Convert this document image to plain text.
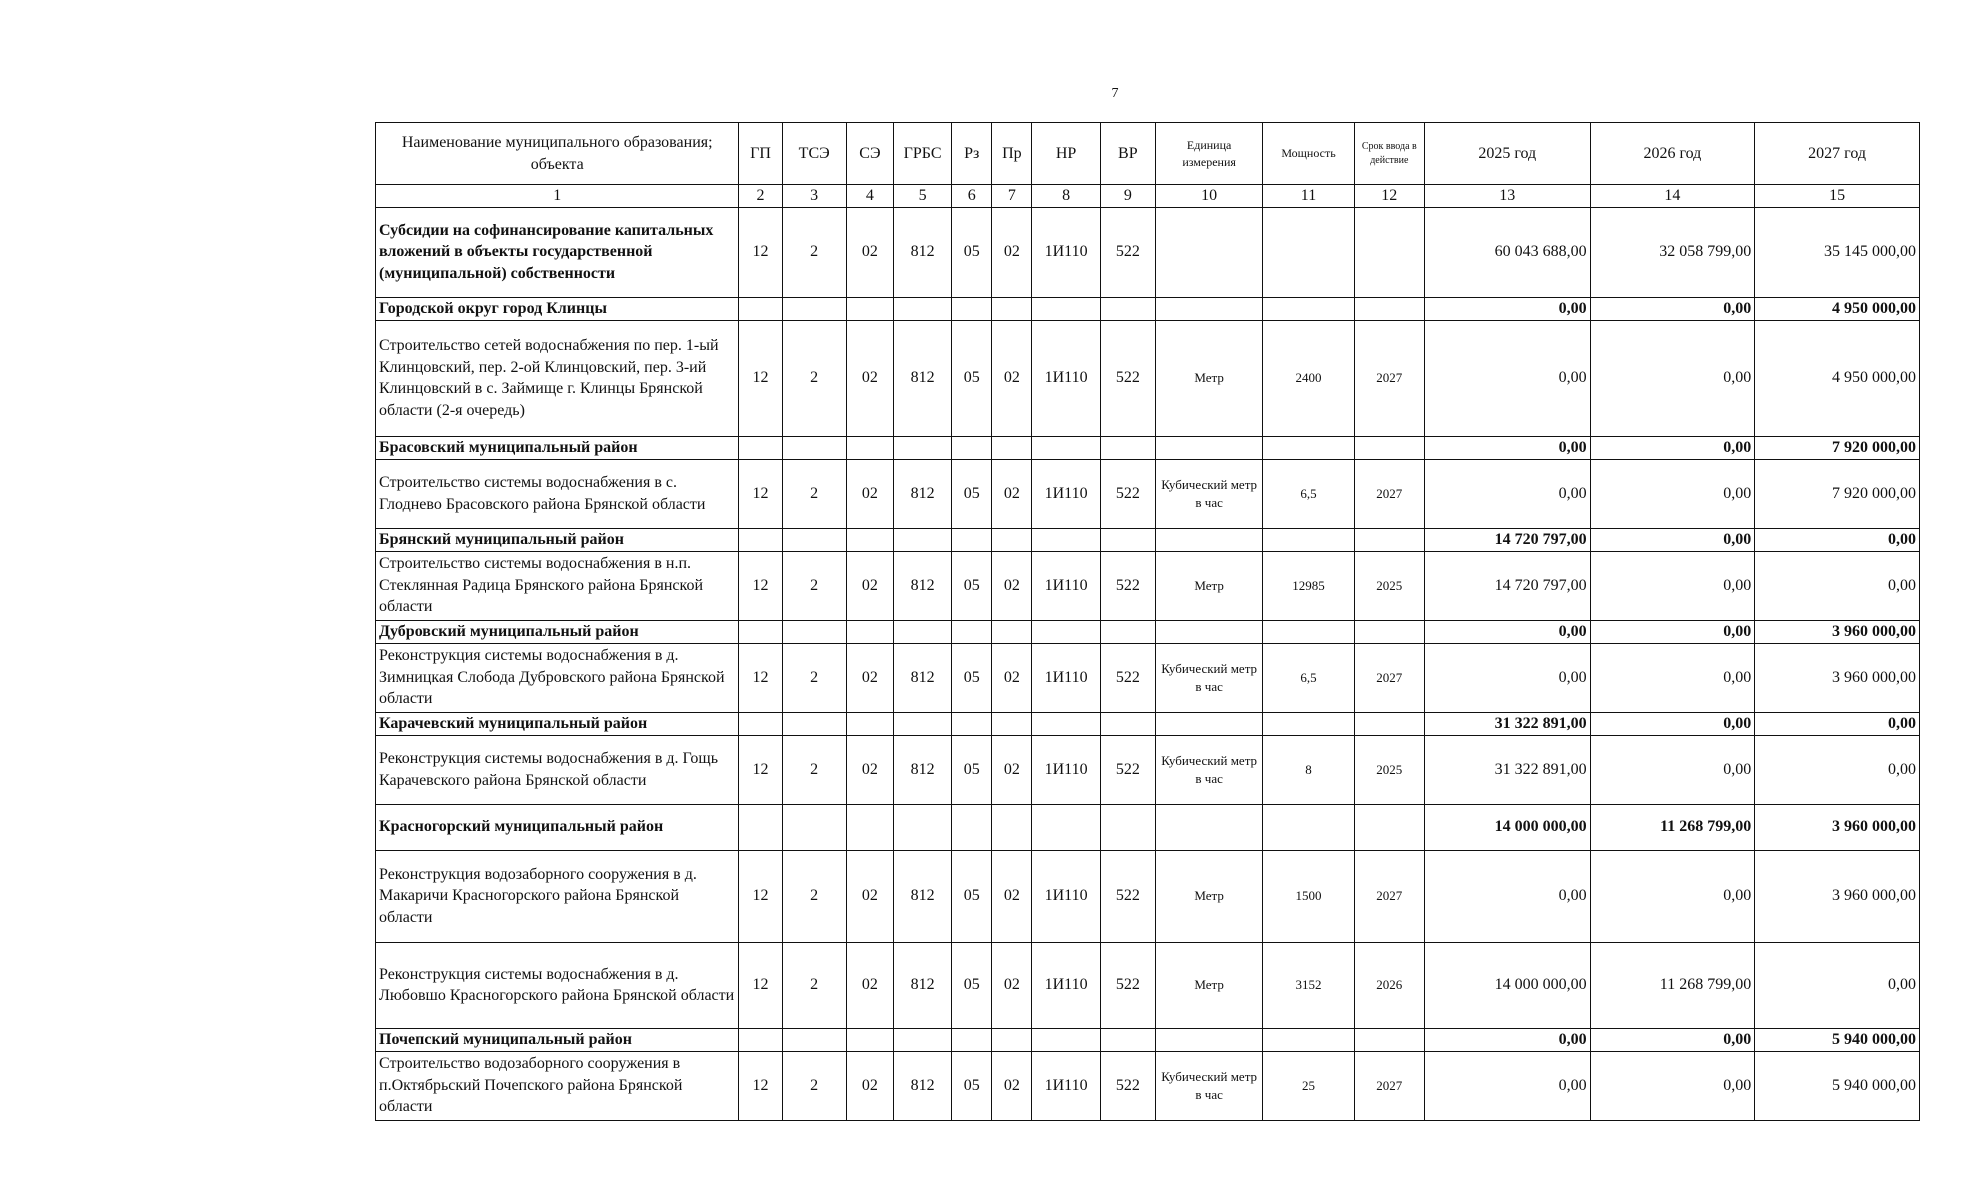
7
Наименование муниципального образования; объекта	ГП	ТСЭ	СЭ	ГРБС	Рз	Пр	НР	ВР	Единица измерения	Мощность	Срок ввода в действие	2025 год	2026 год	2027 год
1	2	3	4	5	6	7	8	9	10	11	12	13	14	15
Субсидии на софинансирование капитальных вложений в объекты государственной (муниципальной) собственности	12	2	02	812	05	02	1И110	522				60 043 688,00	32 058 799,00	35 145 000,00
Городской округ город Клинцы												0,00	0,00	4 950 000,00
Строительство сетей водоснабжения по пер. 1-ый Клинцовский, пер. 2-ой Клинцовский, пер. 3-ий Клинцовский в с. Займище г. Клинцы Брянской области (2-я очередь)	12	2	02	812	05	02	1И110	522	Метр	2400	2027	0,00	0,00	4 950 000,00
Брасовский муниципальный район												0,00	0,00	7 920 000,00
Строительство системы водоснабжения в с. Глоднево Брасовского района Брянской области	12	2	02	812	05	02	1И110	522	Кубический метр в час	6,5	2027	0,00	0,00	7 920 000,00
Брянский муниципальный район												14 720 797,00	0,00	0,00
Строительство системы водоснабжения в н.п. Стеклянная Радица Брянского района Брянской области	12	2	02	812	05	02	1И110	522	Метр	12985	2025	14 720 797,00	0,00	0,00
Дубровский муниципальный район												0,00	0,00	3 960 000,00
Реконструкция системы водоснабжения в д. Зимницкая Слобода Дубровского района Брянской области	12	2	02	812	05	02	1И110	522	Кубический метр в час	6,5	2027	0,00	0,00	3 960 000,00
Карачевский муниципальный район												31 322 891,00	0,00	0,00
Реконструкция системы водоснабжения в д. Гощь Карачевского района Брянской области	12	2	02	812	05	02	1И110	522	Кубический метр в час	8	2025	31 322 891,00	0,00	0,00
Красногорский муниципальный район												14 000 000,00	11 268 799,00	3 960 000,00
Реконструкция водозаборного сооружения в д. Макаричи Красногорского района Брянской области	12	2	02	812	05	02	1И110	522	Метр	1500	2027	0,00	0,00	3 960 000,00
Реконструкция системы водоснабжения в д. Любовшо Красногорского района Брянской области	12	2	02	812	05	02	1И110	522	Метр	3152	2026	14 000 000,00	11 268 799,00	0,00
Почепский муниципальный район												0,00	0,00	5 940 000,00
Строительство водозаборного сооружения в п.Октябрьский Почепского района Брянской области	12	2	02	812	05	02	1И110	522	Кубический метр в час	25	2027	0,00	0,00	5 940 000,00
